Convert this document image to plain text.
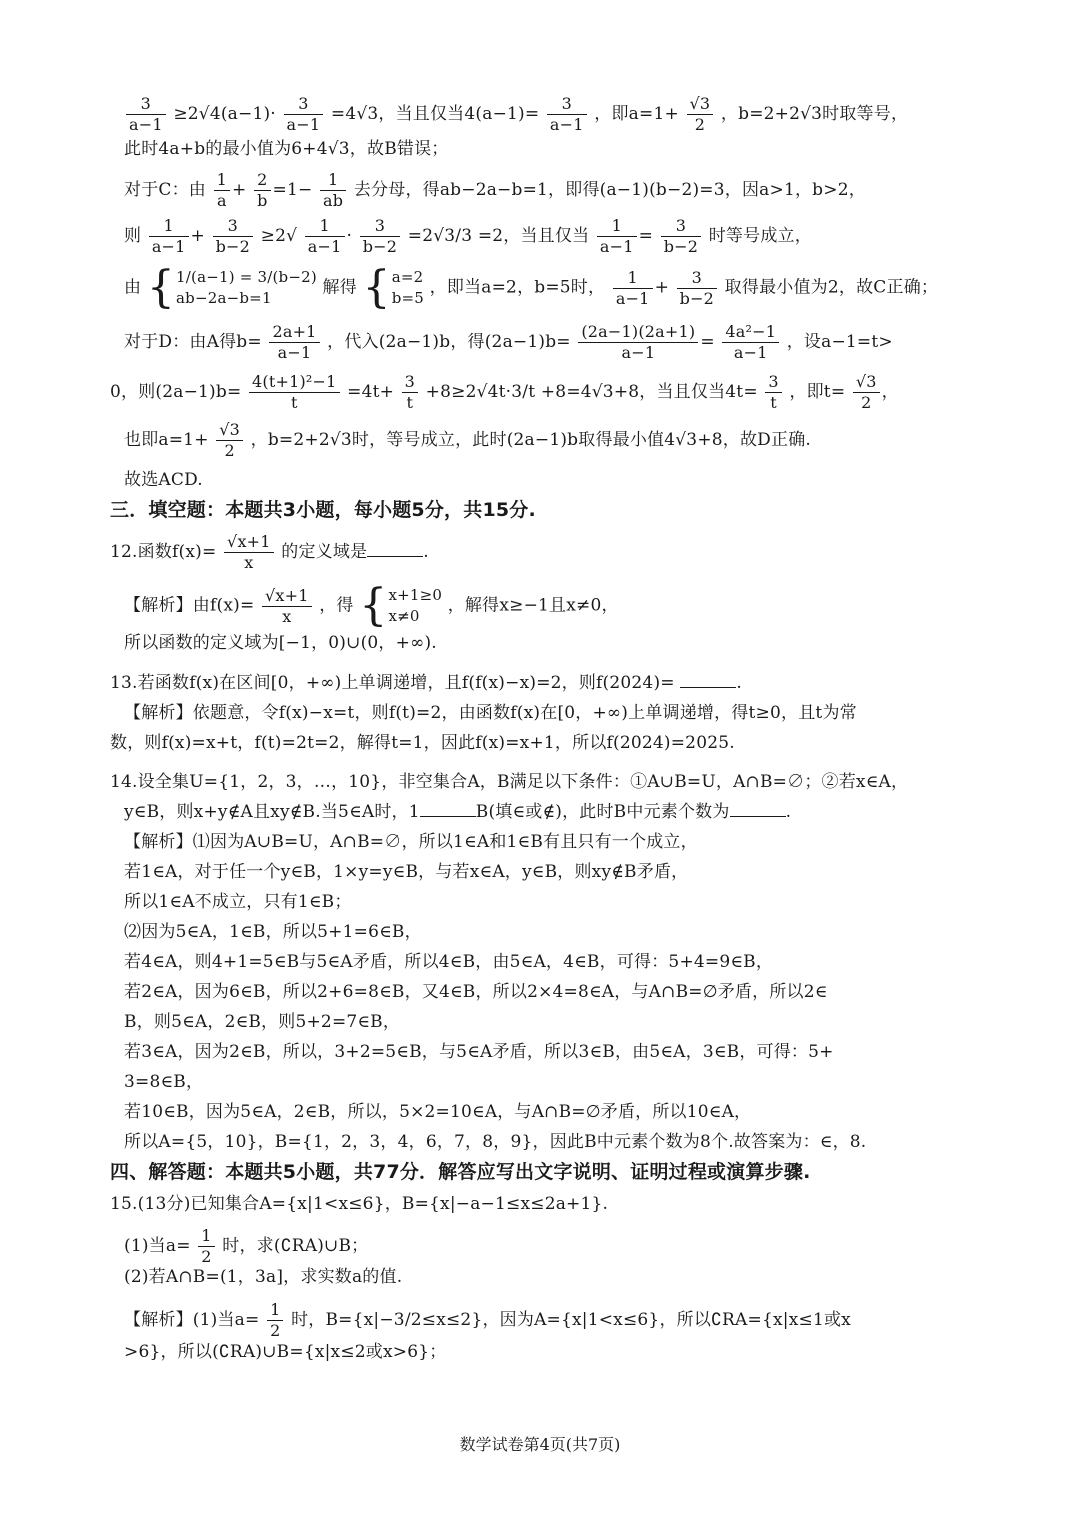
$\frac{3}{a-1} \ge 2√4(a-1)\cdot \frac{3}{a-1} =4√3$，当且仅当$4(a-1)= \frac{3}{a-1}$ ，即$a=1+ \frac{√3}{2}$ ，b=2+2√3时取等号，
此时4a+b的最小值为6+4√3，故B错误；
对于C：由 $\frac{1}{a} + \frac{2}{b} =1- \frac{1}{ab}$ 去分母，得ab−2a−b=1，即得(a−1)(b−2)=3，因a>1，b>2，
则 $\frac{1}{a-1} + \frac{3}{b-2} \ge 2√ \frac{1}{a-1} \cdot \frac{3}{b-2} =2√3/3 =2$，当且仅当 $\frac{1}{a-1} = \frac{3}{b-2}$ 时等号成立，
由 { 1/(a−1) = 3/(b−2)
ab−2a−b=1
解得 { a=2
b=5
，即当a=2，b=5时， $\frac{1}{a-1} + \frac{3}{b-2}$ 取得最小值为2，故C正确；
对于D：由A得$b= \frac{2a+1}{a-1}$ ，代入(2a−1)b，得$(2a-1)b= \frac{(2a-1)(2a+1)}{a-1} = \frac{\text{4a²−1}}{a-1}$ ，设a−1=t>
0，则$(2a-1)b= \frac{\text{4(t+1)²−1}}{t} =4t+ \frac{3}{t} +8\ge 2√4t\cdot 3/t +8=4√3+8$，当且仅当$4t= \frac{3}{t}$ ，即$t= \frac{√3}{2}$ ，
也即$a=1+ \frac{√3}{2}$ ，b=2+2√3时，等号成立，此时(2a−1)b取得最小值4√3+8，故D正确.
故选ACD.
三．填空题：本题共3小题，每小题5分，共15分.
12.函数$f(x)= \frac{√x+1}{x}$ 的定义域是	.
【解析】由$f(x)= \frac{√x+1}{x}$ ，得 { x+1≥0
x≠0
，解得x≥−1且x≠0，
所以函数的定义域为[−1，0)∪(0，+∞).
13.若函数f(x)在区间[0，+∞)上单调递增，且f(f(x)−x)=2，则f(2024)=	.
【解析】依题意，令f(x)−x=t，则f(t)=2，由函数f(x)在[0，+∞)上单调递增，得t≥0，且t为常
数，则f(x)=x+t，f(t)=2t=2，解得t=1，因此f(x)=x+1，所以f(2024)=2025.
14.设全集U={1，2，3，…，10}，非空集合A，B满足以下条件：①A∪B=U，A∩B=∅；②若x∈A，
y∈B，则x+y∉A且xy∉B.当5∈A时，1	B(填∈或∉)，此时B中元素个数为	.
【解析】⑴因为A∪B=U，A∩B=∅，所以1∈A和1∈B有且只有一个成立，
若1∈A，对于任一个y∈B，1×y=y∈B，与若x∈A，y∈B，则xy∉B矛盾，
所以1∈A不成立，只有1∈B；
⑵因为5∈A，1∈B，所以5+1=6∈B，
若4∈A，则4+1=5∈B与5∈A矛盾，所以4∈B，由5∈A，4∈B，可得：5+4=9∈B，
若2∈A，因为6∈B，所以2+6=8∈B，又4∈B，所以2×4=8∈A，与A∩B=∅矛盾，所以2∈
B，则5∈A，2∈B，则5+2=7∈B，
若3∈A，因为2∈B，所以，3+2=5∈B，与5∈A矛盾，所以3∈B，由5∈A，3∈B，可得：5+
3=8∈B，
若10∈B，因为5∈A，2∈B，所以，5×2=10∈A，与A∩B=∅矛盾，所以10∈A，
所以A={5，10}，B={1，2，3，4，6，7，8，9}，因此B中元素个数为8个.故答案为：∈，8.
四、解答题：本题共5小题，共77分．解答应写出文字说明、证明过程或演算步骤.
15.(13分)已知集合A={x|1<x≤6}，B={x|−a−1≤x≤2a+1}.
(1)当$a= \frac{1}{2}$ 时，求(∁RA)∪B；
(2)若A∩B=(1，3a]，求实数a的值.
【解析】(1)当$a= \frac{1}{2}$ 时，B={x|−3/2≤x≤2}，因为A={x|1<x≤6}，所以∁RA={x|x≤1或x
>6}，所以(∁RA)∪B={x|x≤2或x>6}；
数学试卷第4页(共7页)
